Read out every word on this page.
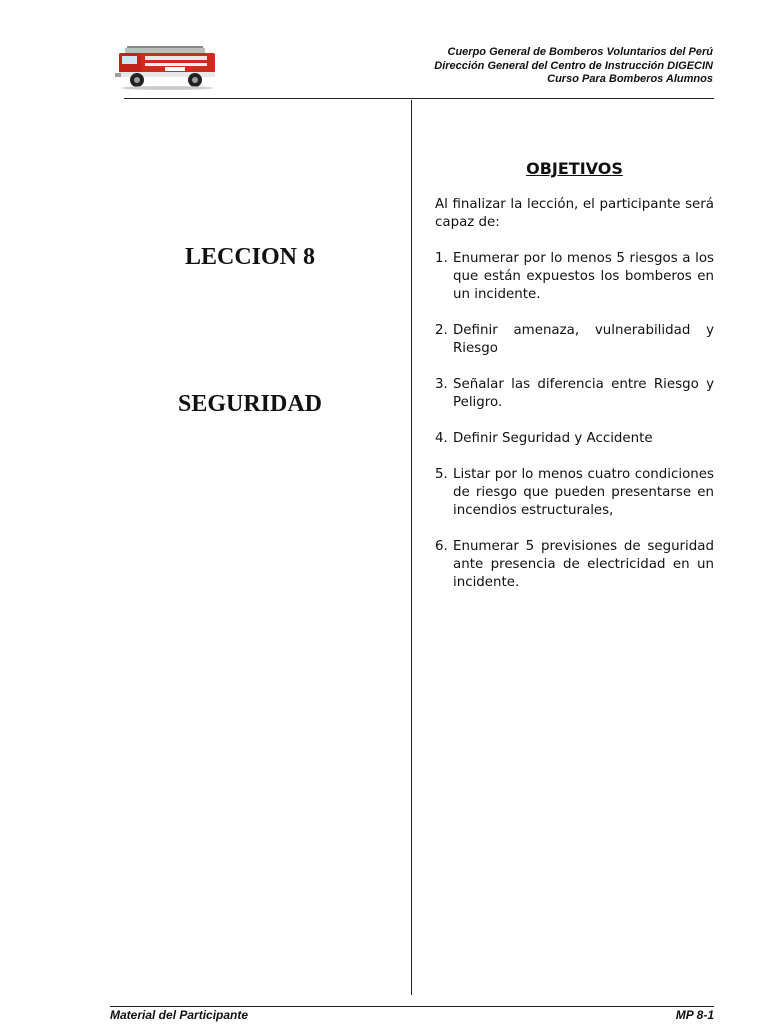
Cuerpo General de Bomberos Voluntarios del Perú
Dirección General del Centro de Instrucción DIGECIN
Curso Para Bomberos Alumnos
LECCION 8
SEGURIDAD
OBJETIVOS
Al finalizar la lección, el participante será capaz de:
1. Enumerar por lo menos 5 riesgos a los que están expuestos los bomberos en un incidente.
2. Definir amenaza, vulnerabilidad y Riesgo
3. Señalar las diferencia entre Riesgo y Peligro.
4. Definir Seguridad y Accidente
5. Listar por lo menos cuatro condiciones de riesgo que pueden presentarse en incendios estructurales,
6. Enumerar 5 previsiones de seguridad ante presencia de electricidad en un incidente.
Material del Participante	MP 8-1
